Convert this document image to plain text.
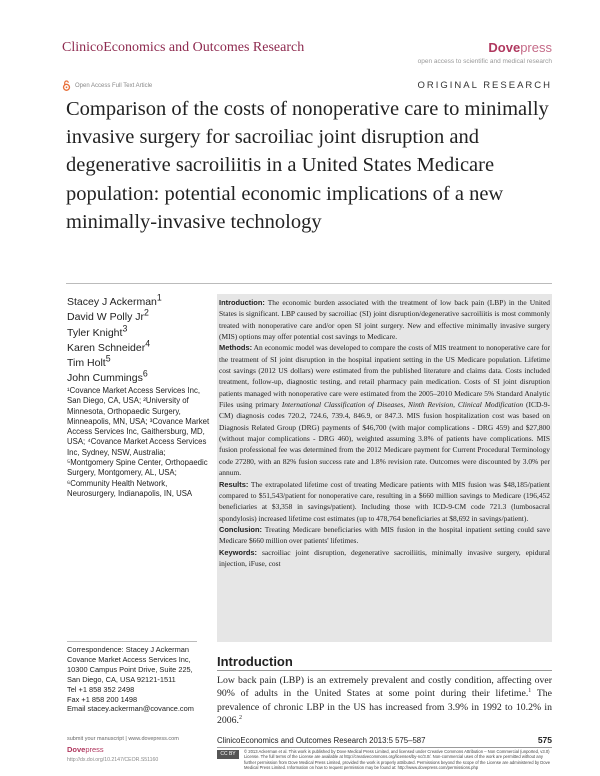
ClinicoEconomics and Outcomes Research	Dovepress
open access to scientific and medical research
Open Access Full Text Article	ORIGINAL RESEARCH
Comparison of the costs of nonoperative care to minimally invasive surgery for sacroiliac joint disruption and degenerative sacroiliitis in a United States Medicare population: potential economic implications of a new minimally-invasive technology
Stacey J Ackerman$^1$
David W Polly Jr$^2$
Tyler Knight$^3$
Karen Schneider$^4$
Tim Holt$^5$
John Cummings$^6$
¹Covance Market Access Services Inc, San Diego, CA, USA; ²University of Minnesota, Orthopaedic Surgery, Minneapolis, MN, USA; ³Covance Market Access Services Inc, Gaithersburg, MD, USA; ⁴Covance Market Access Services Inc, Sydney, NSW, Australia; ⁵Montgomery Spine Center, Orthopaedic Surgery, Montgomery, AL, USA; ⁶Community Health Network, Neurosurgery, Indianapolis, IN, USA
Correspondence: Stacey J Ackerman
Covance Market Access Services Inc,
10300 Campus Point Drive, Suite 225,
San Diego, CA, USA 92121-1511
Tel +1 858 352 2498
Fax +1 858 200 1498
Email stacey.ackerman@covance.com

Introduction: The economic burden associated with the treatment of low back pain (LBP) in the United States is significant. LBP caused by sacroiliac (SI) joint disruption/degenerative sacroiliitis is most commonly treated with nonoperative care and/or open SI joint surgery. New and effective minimally invasive surgery (MIS) options may offer potential cost savings to Medicare.

Methods: An economic model was developed to compare the costs of MIS treatment to nonoperative care for the treatment of SI joint disruption in the hospital inpatient setting in the US Medicare population. Lifetime cost savings (2012 US dollars) were estimated from the published literature and claims data. Costs included treatment, follow-up, diagnostic testing, and retail pharmacy pain medication. Costs of SI joint disruption patients managed with nonoperative care were estimated from the 2005–2010 Medicare 5% Standard Analytic Files using primary International Classification of Diseases, Ninth Revision, Clinical Modification (ICD-9-CM) diagnosis codes 720.2, 724.6, 739.4, 846.9, or 847.3. MIS fusion hospitalization cost was based on Diagnosis Related Group (DRG) payments of $46,700 (with major complications - DRG 459) and $27,800 (without major complications - DRG 460), weighted assuming 3.8% of patients have complications. MIS fusion professional fee was determined from the 2012 Medicare payment for Current Procedural Terminology code 27280, with an 82% fusion success rate and 1.8% revision rate. Outcomes were discounted by 3.0% per annum.

Results: The extrapolated lifetime cost of treating Medicare patients with MIS fusion was $48,185/patient compared to $51,543/patient for nonoperative care, resulting in a $660 million savings to Medicare (196,452 beneficiaries at $3,358 in savings/patient). Including those with ICD-9-CM code 721.3 (lumbosacral spondylosis) increased lifetime cost estimates (up to 478,764 beneficiaries at $8,692 in savings/patient).

Conclusion: Treating Medicare beneficiaries with MIS fusion in the hospital inpatient setting could save Medicare $660 million over patients' lifetimes.

Keywords: sacroiliac joint disruption, degenerative sacroiliitis, minimally invasive surgery, epidural injection, iFuse, cost

Introduction
Low back pain (LBP) is an extremely prevalent and costly condition, affecting over 90% of adults in the United States at some point during their lifetime.$^1$ The prevalence of chronic LBP in the US has increased from 3.9% in 1992 to 10.2% in 2006.$^2$
submit your manuscript | www.dovepress.com
Dovepress
http://dx.doi.org/10.2147/CEOR.S51160
ClinicoEconomics and Outcomes Research 2013:5 575–587	575
CC BY NC
© 2013 Ackerman et al. This work is published by Dove Medical Press Limited, and licensed under Creative Commons Attribution – Non Commercial (unported, v3.0) License. The full terms of the License are available at http://creativecommons.org/licenses/by-nc/3.0/. Non-commercial uses of the work are permitted without any further permission from Dove Medical Press Limited, provided the work is properly attributed. Permissions beyond the scope of the License are administered by Dove Medical Press Limited. Information on how to request permission may be found at: http://www.dovepress.com/permissions.php
